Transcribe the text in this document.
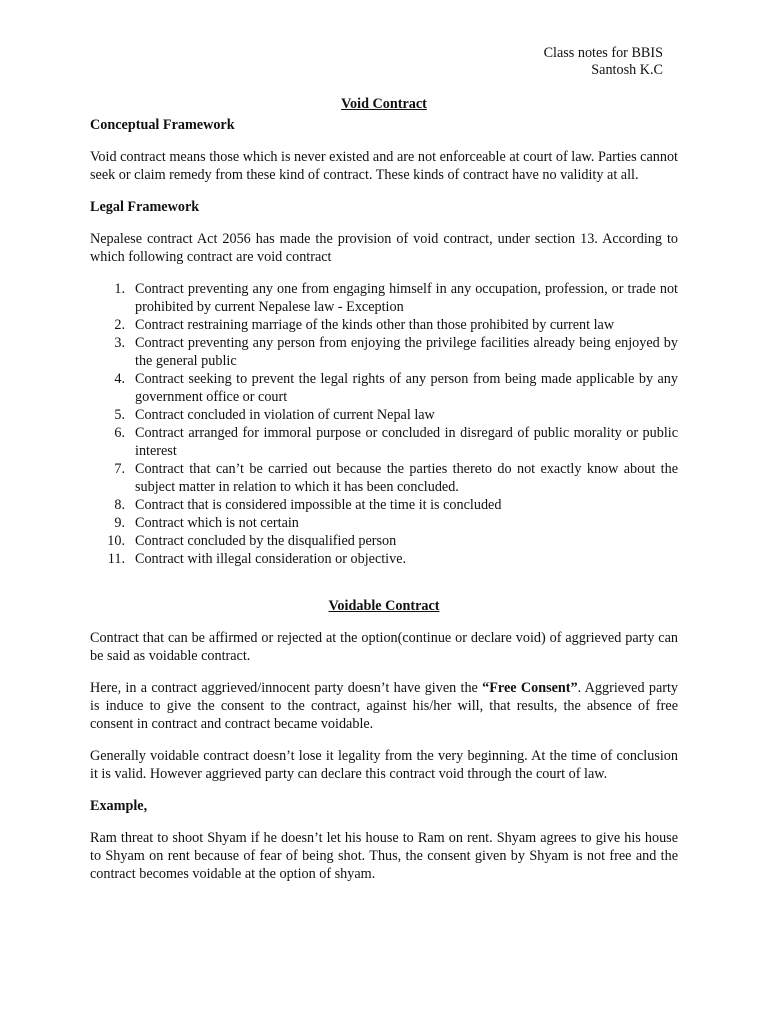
Class notes for BBIS
Santosh K.C

Void Contract

Conceptual Framework

Void contract means those which is never existed and are not enforceable at court of law. Parties cannot seek or claim remedy from these kind of contract. These kinds of contract have no validity at all.

Legal Framework

Nepalese contract Act 2056 has made the provision of void contract, under section 13. According to which following contract are void contract

1. Contract preventing any one from engaging himself in any occupation, profession, or trade not prohibited by current Nepalese law - Exception
2. Contract restraining marriage of the kinds other than those prohibited by current law
3. Contract preventing any person from enjoying the privilege facilities already being enjoyed by the general public
4. Contract seeking to prevent the legal rights of any person from being made applicable by any government office or court
5. Contract concluded in violation of current Nepal law
6. Contract arranged for immoral purpose or concluded in disregard of public morality or public interest
7. Contract that can’t be carried out because the parties thereto do not exactly know about the subject matter in relation to which it has been concluded.
8. Contract that is considered impossible at the time it is concluded
9. Contract which is not certain
10. Contract concluded by the disqualified person
11. Contract with illegal consideration or objective.

Voidable Contract

Contract that can be affirmed or rejected at the option(continue or declare void) of aggrieved party can be said as voidable contract.

Here, in a contract aggrieved/innocent party doesn’t have given the “Free Consent”. Aggrieved party is induce to give the consent to the contract, against his/her will, that results, the absence of free consent in contract and contract became voidable.

Generally voidable contract doesn’t lose it legality from the very beginning. At the time of conclusion it is valid. However aggrieved party can declare this contract void through the court of law.

Example,

Ram threat to shoot Shyam if he doesn’t let his house to Ram on rent. Shyam agrees to give his house to Shyam on rent because of fear of being shot. Thus, the consent given by Shyam is not free and the contract becomes voidable at the option of shyam.
